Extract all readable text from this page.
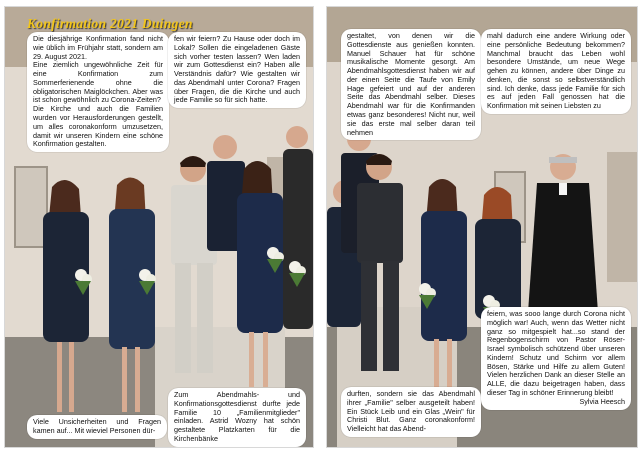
Konfirmation 2021 Duingen

Die diesjährige Konfirmation fand nicht wie üblich im Frühjahr statt, sondern am 29. August 2021.

Eine ziemlich ungewöhnliche Zeit für eine Konfirmation zum Sommerferienende ohne die obligatorischen Maiglöckchen. Aber was ist schon gewöhnlich zu Corona-Zeiten?

Die Kirche und auch die Familien wurden vor Herausforderungen gestellt, um alles coronakonform umzusetzen, damit wir unseren Kindern eine schöne Konfirmation gestalten.

fen wir feiern? Zu Hause oder doch im Lokal? Sollen die eingeladenen Gäste sich vorher testen lassen? Wen laden wir zum Gottesdienst ein? Haben alle Verständnis dafür? Wie gestalten wir das Abendmahl unter Corona? Fragen über Fragen, die die Kirche und auch jede Familie so für sich hatte.

Viele Unsicherheiten und Fragen kamen auf... Mit wieviel Personen dür-

Zum Abendmahls- und Konfirmationsgottesdienst durfte jede Familie 10 „Familienmitglieder" einladen. Astrid Wozny hat schön gestaltete Platzkarten für die Kirchenbänke

gestaltet, von denen wir die Gottesdienste aus genießen konnten. Manuel Schauer hat für schöne musikalische Momente gesorgt. Am Abendmahlsgottesdienst haben wir auf der einen Seite die Taufe von Emily Hage gefeiert und auf der anderen Seite das Abendmahl selber. Dieses Abendmahl war für die Konfirmanden etwas ganz besonderes! Nicht nur, weil sie das erste mal selber daran teil nehmen

mahl dadurch eine andere Wirkung oder eine persönliche Bedeutung bekommen? Manchmal braucht das Leben wohl besondere Umstände, um neue Wege gehen zu können, andere über Dinge zu denken, die sonst so selbstverständlich sind. Ich denke, dass jede Familie für sich es auf jeden Fall genossen hat die Konfirmation mit seinen Liebsten zu

durften, sondern sie das Abendmahl ihrer „Familie" selber ausgeteilt haben! Ein Stück Leib und ein Glas „Wein" für Christi Blut. Ganz coronakonform! Vielleicht hat das Abend-

feiern, was sooo lange durch Corona nicht möglich war! Auch, wenn das Wetter nicht ganz so mitgespielt hat...so stand der Regenbogenschirm von Pastor Röser-Israel symbolisch schützend über unseren Kindern! Schutz und Schirm vor allem Bösen, Stärke und Hilfe zu allem Guten! Vielen herzlichen Dank an dieser Stelle an ALLE, die dazu beigetragen haben, dass dieser Tag in schöner Erinnerung bleibt!

Sylvia Heesch
